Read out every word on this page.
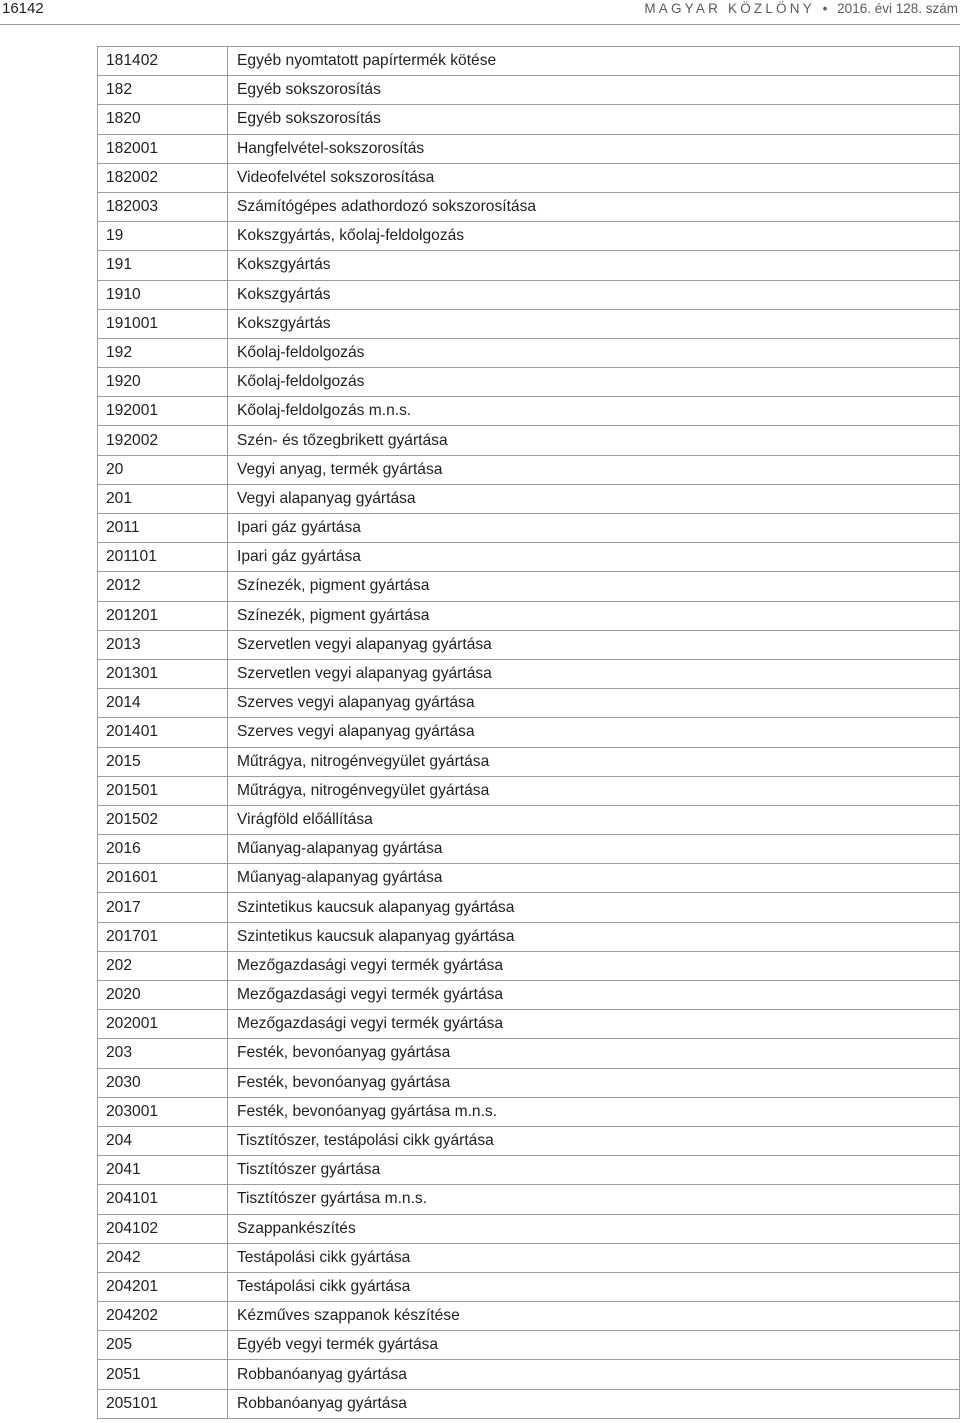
16142	MAGYAR KÖZLÖNY • 2016. évi 128. szám
181402	Egyéb nyomtatott papírtermék kötése
182	Egyéb sokszorosítás
1820	Egyéb sokszorosítás
182001	Hangfelvétel-sokszorosítás
182002	Videofelvétel sokszorosítása
182003	Számítógépes adathordozó sokszorosítása
19	Kokszgyártás, kőolaj-feldolgozás
191	Kokszgyártás
1910	Kokszgyártás
191001	Kokszgyártás
192	Kőolaj-feldolgozás
1920	Kőolaj-feldolgozás
192001	Kőolaj-feldolgozás m.n.s.
192002	Szén- és tőzegbrikett gyártása
20	Vegyi anyag, termék gyártása
201	Vegyi alapanyag gyártása
2011	Ipari gáz gyártása
201101	Ipari gáz gyártása
2012	Színezék, pigment gyártása
201201	Színezék, pigment gyártása
2013	Szervetlen vegyi alapanyag gyártása
201301	Szervetlen vegyi alapanyag gyártása
2014	Szerves vegyi alapanyag gyártása
201401	Szerves vegyi alapanyag gyártása
2015	Műtrágya, nitrogénvegyület gyártása
201501	Műtrágya, nitrogénvegyület gyártása
201502	Virágföld előállítása
2016	Műanyag-alapanyag gyártása
201601	Műanyag-alapanyag gyártása
2017	Szintetikus kaucsuk alapanyag gyártása
201701	Szintetikus kaucsuk alapanyag gyártása
202	Mezőgazdasági vegyi termék gyártása
2020	Mezőgazdasági vegyi termék gyártása
202001	Mezőgazdasági vegyi termék gyártása
203	Festék, bevonóanyag gyártása
2030	Festék, bevonóanyag gyártása
203001	Festék, bevonóanyag gyártása m.n.s.
204	Tisztítószer, testápolási cikk gyártása
2041	Tisztítószer gyártása
204101	Tisztítószer gyártása m.n.s.
204102	Szappankészítés
2042	Testápolási cikk gyártása
204201	Testápolási cikk gyártása
204202	Kézműves szappanok készítése
205	Egyéb vegyi termék gyártása
2051	Robbanóanyag gyártása
205101	Robbanóanyag gyártása
